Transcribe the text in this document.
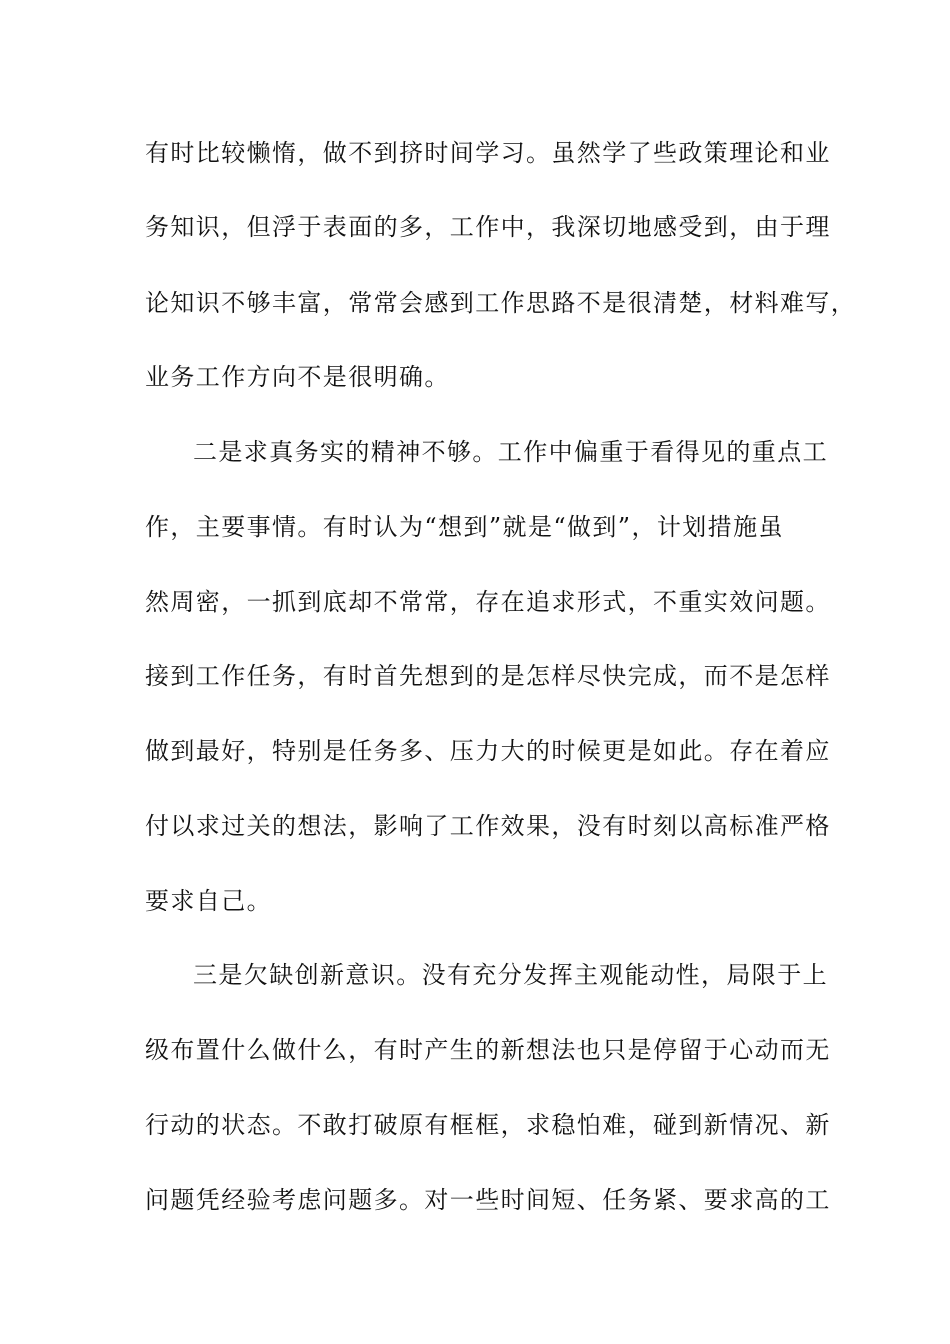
有时比较懒惰，做不到挤时间学习。虽然学了些政策理论和业
务知识，但浮于表面的多，工作中，我深切地感受到，由于理
论知识不够丰富，常常会感到工作思路不是很清楚，材料难写，
业务工作方向不是很明确。
二是求真务实的精神不够。工作中偏重于看得见的重点工
作，主要事情。有时认为“想到”就是“做到”，计划措施虽
然周密，一抓到底却不常常，存在追求形式，不重实效问题。
接到工作任务，有时首先想到的是怎样尽快完成，而不是怎样
做到最好，特别是任务多、压力大的时候更是如此。存在着应
付以求过关的想法，影响了工作效果，没有时刻以高标准严格
要求自己。
三是欠缺创新意识。没有充分发挥主观能动性，局限于上
级布置什么做什么，有时产生的新想法也只是停留于心动而无
行动的状态。不敢打破原有框框，求稳怕难，碰到新情况、新
问题凭经验考虑问题多。对一些时间短、任务紧、要求高的工
